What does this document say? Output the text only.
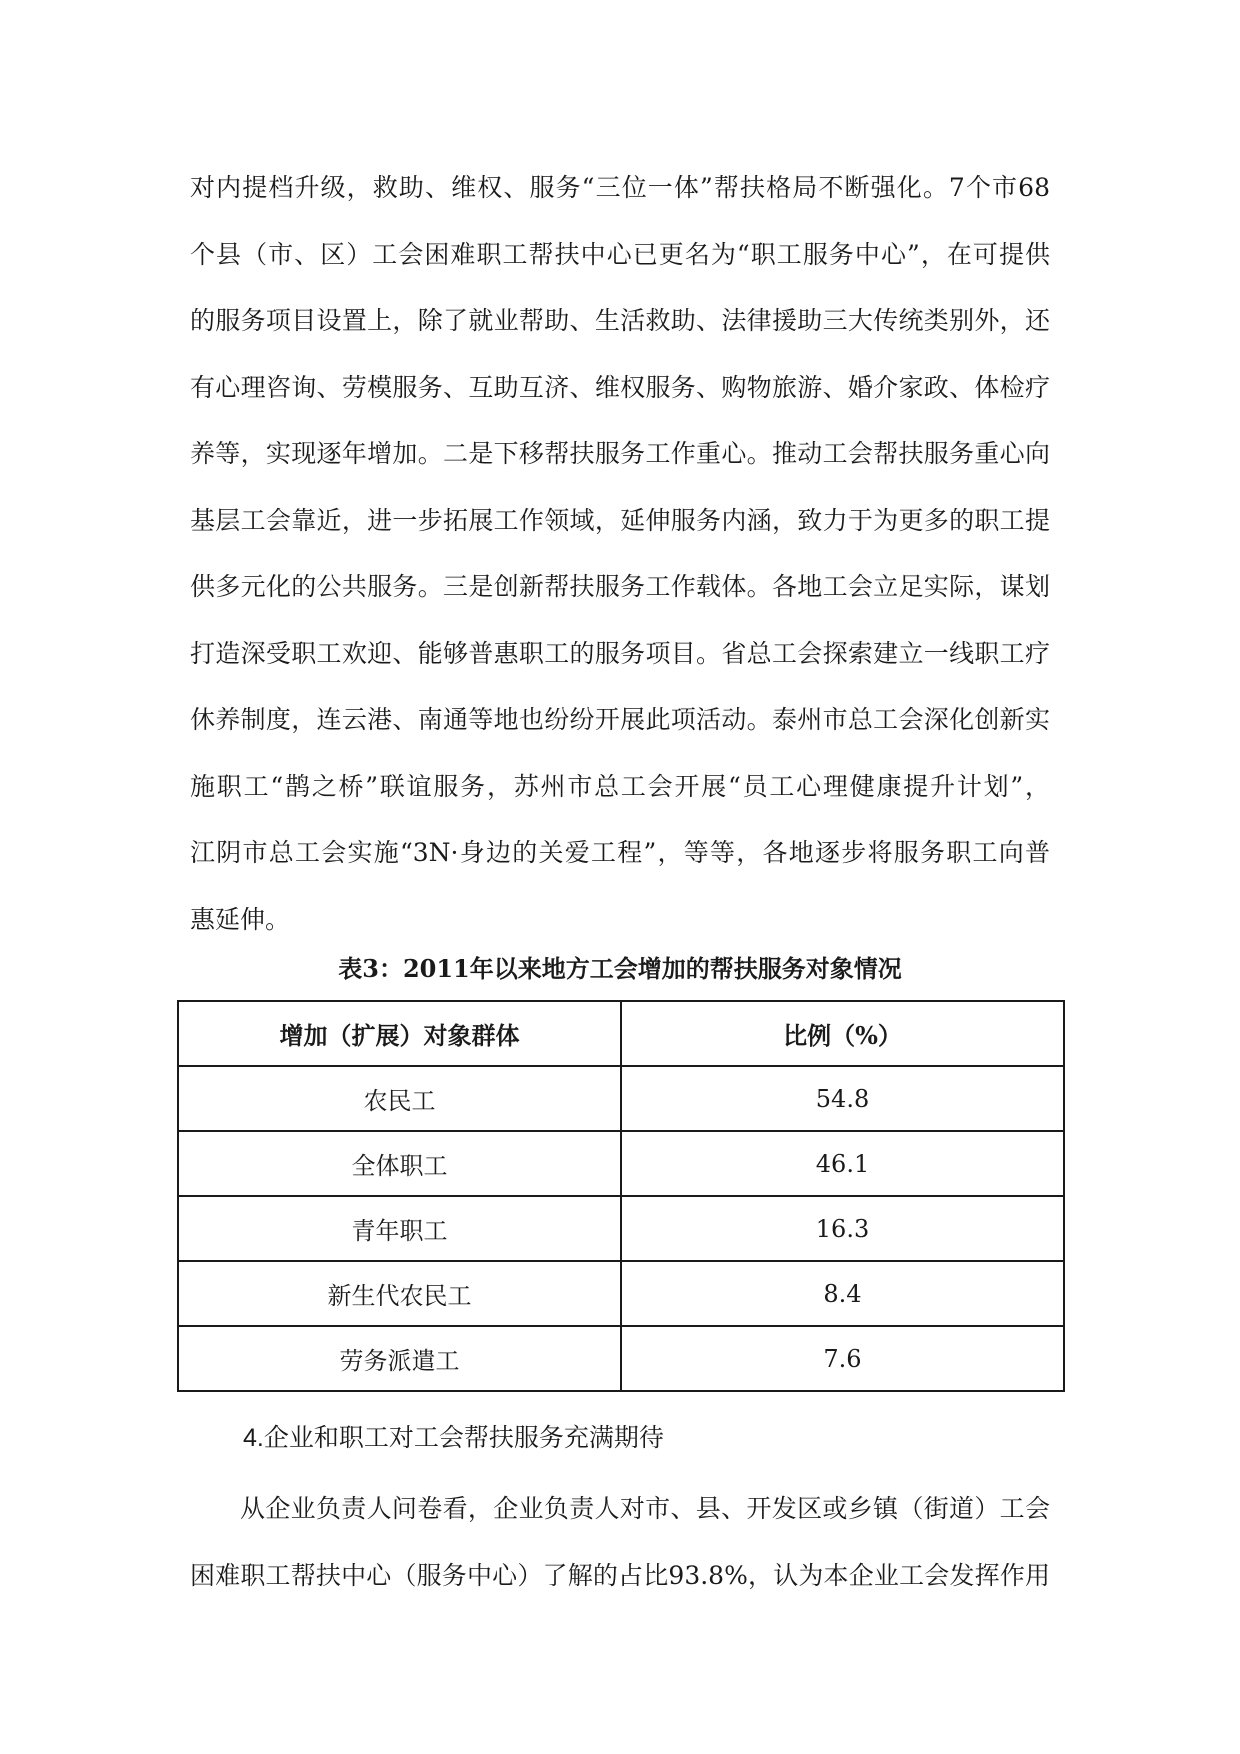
对内提档升级，救助、维权、服务“三位一体”帮扶格局不断强化。7个市68
个县（市、区）工会困难职工帮扶中心已更名为“职工服务中心”，在可提供
的服务项目设置上，除了就业帮助、生活救助、法律援助三大传统类别外，还
有心理咨询、劳模服务、互助互济、维权服务、购物旅游、婚介家政、体检疗
养等，实现逐年增加。二是下移帮扶服务工作重心。推动工会帮扶服务重心向
基层工会靠近，进一步拓展工作领域，延伸服务内涵，致力于为更多的职工提
供多元化的公共服务。三是创新帮扶服务工作载体。各地工会立足实际，谋划
打造深受职工欢迎、能够普惠职工的服务项目。省总工会探索建立一线职工疗
休养制度，连云港、南通等地也纷纷开展此项活动。泰州市总工会深化创新实
施职工“鹊之桥”联谊服务，苏州市总工会开展“员工心理健康提升计划”，
江阴市总工会实施“3N·身边的关爱工程”，等等，各地逐步将服务职工向普
惠延伸。
表3：2011年以来地方工会增加的帮扶服务对象情况
增加（扩展）对象群体	比例（%）
农民工	54.8
全体职工	46.1
青年职工	16.3
新生代农民工	8.4
劳务派遣工	7.6
4.企业和职工对工会帮扶服务充满期待
从企业负责人问卷看，企业负责人对市、县、开发区或乡镇（街道）工会
困难职工帮扶中心（服务中心）了解的占比93.8%，认为本企业工会发挥作用
